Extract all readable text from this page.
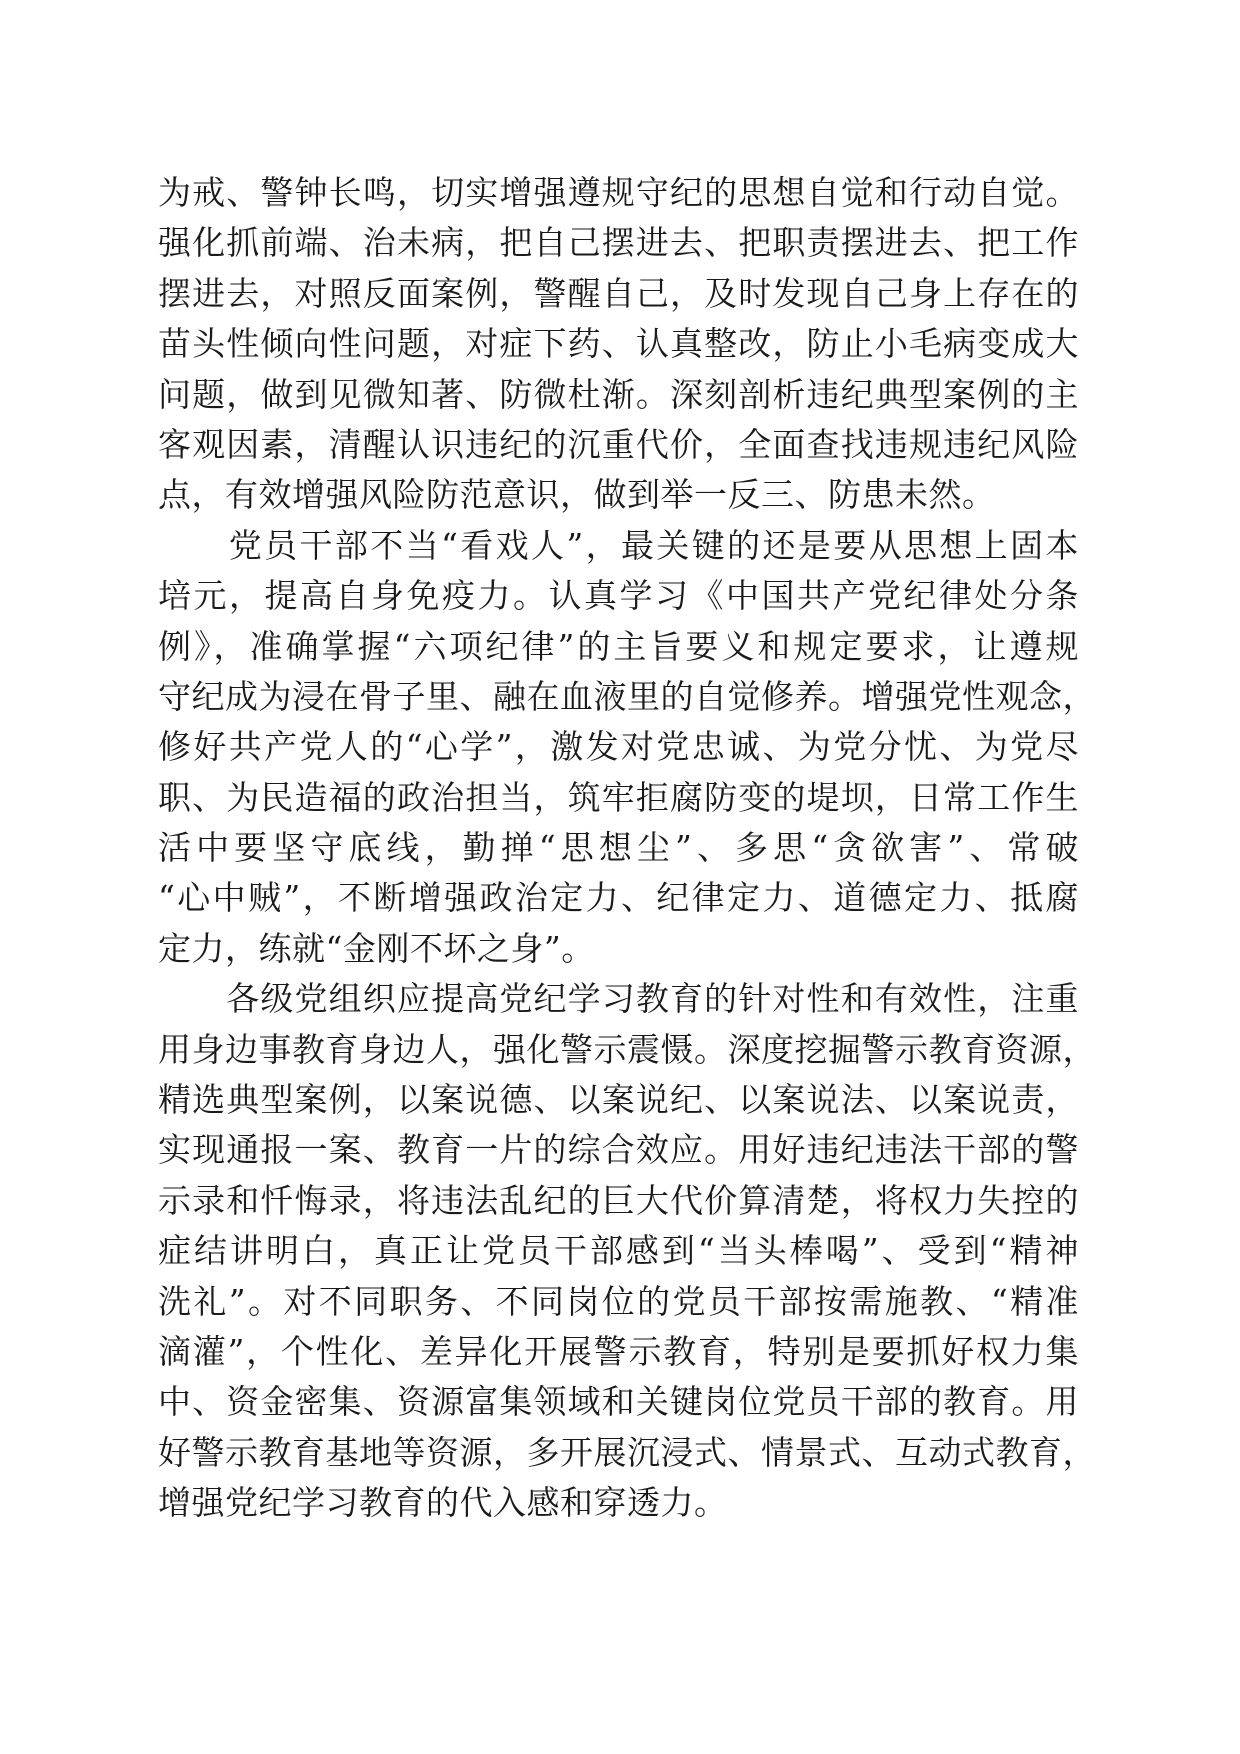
为戒、警钟长鸣，切实增强遵规守纪的思想自觉和行动自觉。
强化抓前端、治未病，把自己摆进去、把职责摆进去、把工作
摆进去，对照反面案例，警醒自己，及时发现自己身上存在的
苗头性倾向性问题，对症下药、认真整改，防止小毛病变成大
问题，做到见微知著、防微杜渐。深刻剖析违纪典型案例的主
客观因素，清醒认识违纪的沉重代价，全面查找违规违纪风险
点，有效增强风险防范意识，做到举一反三、防患未然。
　　党员干部不当“看戏人”，最关键的还是要从思想上固本
培元，提高自身免疫力。认真学习《中国共产党纪律处分条
例》，准确掌握“六项纪律”的主旨要义和规定要求，让遵规
守纪成为浸在骨子里、融在血液里的自觉修养。增强党性观念，
修好共产党人的“心学”，激发对党忠诚、为党分忧、为党尽
职、为民造福的政治担当，筑牢拒腐防变的堤坝，日常工作生
活中要坚守底线，勤掸“思想尘”、多思“贪欲害”、常破
“心中贼”，不断增强政治定力、纪律定力、道德定力、抵腐
定力，练就“金刚不坏之身”。
　　各级党组织应提高党纪学习教育的针对性和有效性，注重
用身边事教育身边人，强化警示震慑。深度挖掘警示教育资源，
精选典型案例，以案说德、以案说纪、以案说法、以案说责，
实现通报一案、教育一片的综合效应。用好违纪违法干部的警
示录和忏悔录，将违法乱纪的巨大代价算清楚，将权力失控的
症结讲明白，真正让党员干部感到“当头棒喝”、受到“精神
洗礼”。对不同职务、不同岗位的党员干部按需施教、“精准
滴灌”，个性化、差异化开展警示教育，特别是要抓好权力集
中、资金密集、资源富集领域和关键岗位党员干部的教育。用
好警示教育基地等资源，多开展沉浸式、情景式、互动式教育，
增强党纪学习教育的代入感和穿透力。
